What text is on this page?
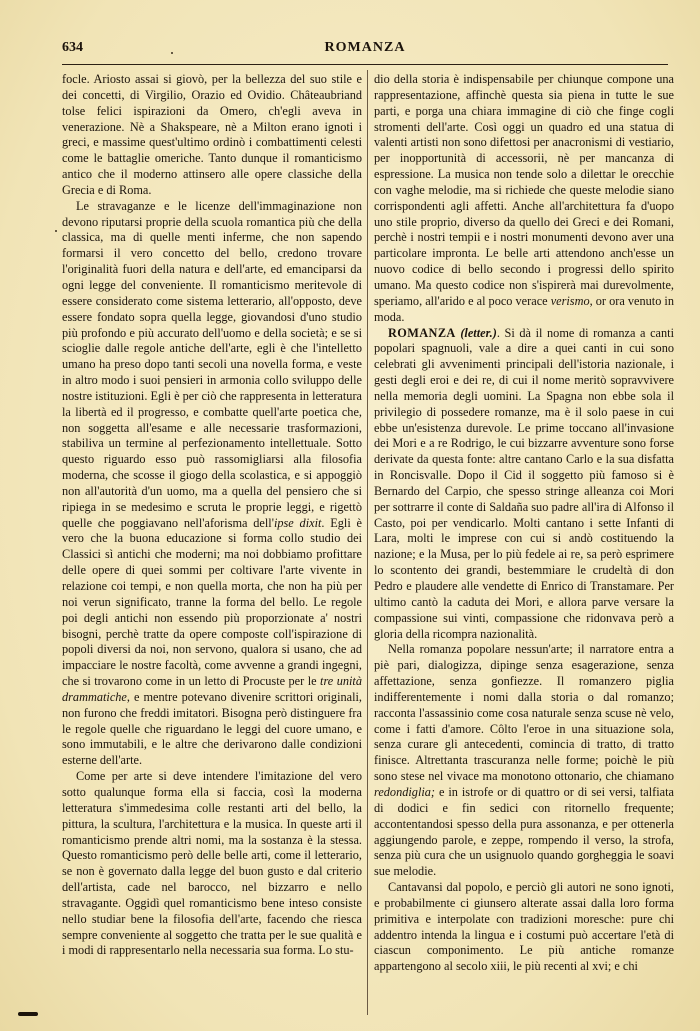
634	ROMANZA

focle. Ariosto assai si giovò, per la bellezza del suo stile e dei concetti, di Virgilio, Orazio ed Ovidio. Châteaubriand tolse felici ispirazioni da Omero, ch'egli aveva in venerazione. Nè a Shakspeare, nè a Milton erano ignoti i greci, e massime quest'ultimo ordinò i combattimenti celesti come le battaglie omeriche. Tanto dunque il romanticismo antico che il moderno attinsero alle opere classiche della Grecia e di Roma.

Le stravaganze e le licenze dell'immaginazione non devono riputarsi proprie della scuola romantica più che della classica, ma di quelle menti inferme, che non sapendo formarsi il vero concetto del bello, credono trovare l'originalità fuori della natura e dell'arte, ed emanciparsi da ogni legge del conveniente. Il romanticismo meritevole di essere considerato come sistema letterario, all'opposto, deve essere fondato sopra quella legge, giovandosi d'uno studio più profondo e più accurato dell'uomo e della società; e se si scioglie dalle regole antiche dell'arte, egli è che l'intelletto umano ha preso dopo tanti secoli una novella forma, e veste in altro modo i suoi pensieri in armonia collo sviluppo delle nostre istituzioni. Egli è per ciò che rappresenta in letteratura la libertà ed il progresso, e combatte quell'arte poetica che, non soggetta all'esame e alle necessarie trasformazioni, stabiliva un termine al perfezionamento intellettuale. Sotto questo riguardo esso può rassomigliarsi alla filosofia moderna, che scosse il giogo della scolastica, e si appoggiò non all'autorità d'un uomo, ma a quella del pensiero che si ripiega in se medesimo e scruta le proprie leggi, e rigettò quelle che poggiavano nell'aforisma dell'ipse dixit. Egli è vero che la buona educazione si forma collo studio dei Classici sì antichi che moderni; ma noi dobbiamo profittare delle opere di quei sommi per coltivare l'arte vivente in relazione coi tempi, e non quella morta, che non ha più per noi verun significato, tranne la forma del bello. Le regole poi degli antichi non essendo più proporzionate a' nostri bisogni, perchè tratte da opere composte coll'ispirazione di popoli diversi da noi, non servono, qualora si usano, che ad impacciare le nostre facoltà, come avvenne a grandi ingegni, che si trovarono come in un letto di Procuste per le tre unità drammatiche, e mentre potevano divenire scrittori originali, non furono che freddi imitatori. Bisogna però distinguere fra le regole quelle che riguardano le leggi del cuore umano, e sono immutabili, e le altre che derivarono dalle condizioni esterne dell'arte.

Come per arte si deve intendere l'imitazione del vero sotto qualunque forma ella si faccia, così la moderna letteratura s'immedesima colle restanti arti del bello, la pittura, la scultura, l'architettura e la musica. In queste arti il romanticismo prende altri nomi, ma la sostanza è la stessa. Questo romanticismo però delle belle arti, come il letterario, se non è governato dalla legge del buon gusto e dal criterio dell'artista, cade nel barocco, nel bizzarro e nello stravagante. Oggidì quel romanticismo bene inteso consiste nello studiar bene la filosofia dell'arte, facendo che riesca sempre conveniente al soggetto che tratta per le sue qualità e i modi di rappresentarlo nella necessaria sua forma. Lo stu-

dio della storia è indispensabile per chiunque compone una rappresentazione, affinchè questa sia piena in tutte le sue parti, e porga una chiara immagine di ciò che finge cogli stromenti dell'arte. Così oggi un quadro ed una statua di valenti artisti non sono difettosi per anacronismi di vestiario, per inopportunità di accessorii, nè per mancanza di espressione. La musica non tende solo a dilettar le orecchie con vaghe melodie, ma si richiede che queste melodie siano corrispondenti agli affetti. Anche all'architettura fa d'uopo uno stile proprio, diverso da quello dei Greci e dei Romani, perchè i nostri tempii e i nostri monumenti devono aver una particolare impronta. Le belle arti attendono anch'esse un nuovo codice di bello secondo i progressi dello spirito umano. Ma questo codice non s'ispirerà mai durevolmente, speriamo, all'arido e al poco verace verismo, or ora venuto in moda.

ROMANZA (letter.). Si dà il nome di romanza a canti popolari spagnuoli, vale a dire a quei canti in cui sono celebrati gli avvenimenti principali dell'istoria nazionale, i gesti degli eroi e dei re, di cui il nome meritò sopravvivere nella memoria degli uomini. La Spagna non ebbe sola il privilegio di possedere romanze, ma è il solo paese in cui ebbe un'esistenza durevole. Le prime toccano all'invasione dei Mori e a re Rodrigo, le cui bizzarre avventure sono forse derivate da questa fonte: altre cantano Carlo e la sua disfatta in Roncisvalle. Dopo il Cid il soggetto più famoso si è Bernardo del Carpio, che spesso stringe alleanza coi Mori per sottrarre il conte di Saldaña suo padre all'ira di Alfonso il Casto, poi per vendicarlo. Molti cantano i sette Infanti di Lara, molti le imprese con cui si andò costituendo la nazione; e la Musa, per lo più fedele ai re, sa però esprimere lo scontento dei grandi, bestemmiare le crudeltà di don Pedro e plaudere alle vendette di Enrico di Transtamare. Per ultimo cantò la caduta dei Mori, e allora parve versare la compassione sui vinti, compassione che ridonvava però a gloria della ricompra nazionalità.

Nella romanza popolare nessun'arte; il narratore entra a piè pari, dialogizza, dipinge senza esagerazione, senza affettazione, senza gonfiezze. Il romanzero piglia indifferentemente i nomi dalla storia o dal romanzo; racconta l'assassinio come cosa naturale senza scuse nè velo, come i fatti d'amore. Côlto l'eroe in una situazione sola, senza curare gli antecedenti, comincia di tratto, di tratto finisce. Altrettanta trascuranza nelle forme; poichè le più sono stese nel vivace ma monotono ottonario, che chiamano redondiglia; e in istrofe or di quattro or di sei versi, talfiata di dodici e fin sedici con ritornello frequente; accontentandosi spesso della pura assonanza, e per ottenerla aggiungendo parole, e zeppe, rompendo il verso, la strofa, senza più cura che un usignuolo quando gorgheggia le soavi sue melodie.

Cantavansi dal popolo, e perciò gli autori ne sono ignoti, e probabilmente ci giunsero alterate assai dalla loro forma primitiva e interpolate con tradizioni moresche: pure chi addentro intenda la lingua e i costumi può accertare l'età di ciascun componimento. Le più antiche romanze appartengono al secolo xiii, le più recenti al xvi; e chi
